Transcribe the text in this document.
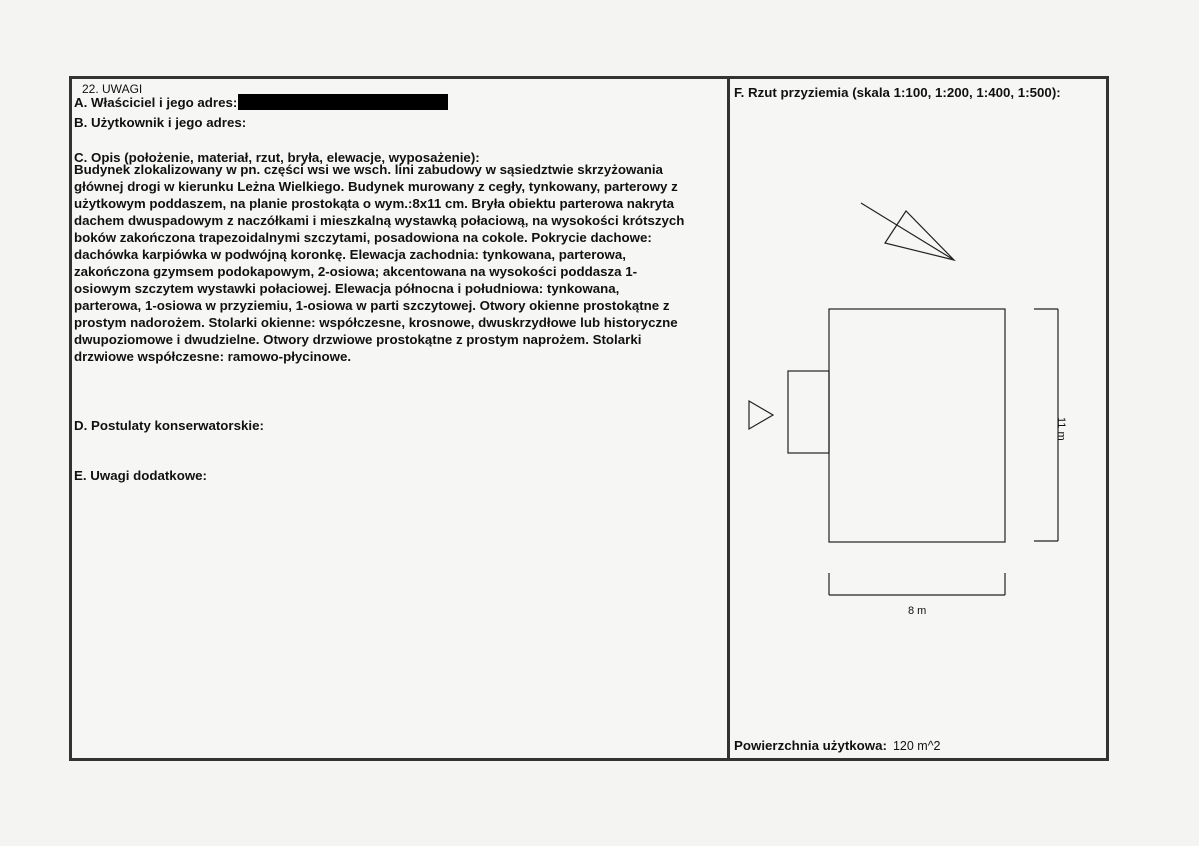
22. UWAGI
A. Właściciel i jego adres:
B. Użytkownik i jego adres:
C. Opis (położenie, materiał, rzut, bryła, elewacje, wyposażenie):
Budynek zlokalizowany w pn. części wsi we wsch. lini zabudowy w sąsiedztwie skrzyżowania
głównej drogi w kierunku Leżna Wielkiego. Budynek murowany z cegły, tynkowany, parterowy z
użytkowym poddaszem, na planie prostokąta o wym.:8x11 cm. Bryła obiektu parterowa nakryta
dachem dwuspadowym z naczółkami i mieszkalną wystawką połaciową, na wysokości krótszych
boków zakończona trapezoidalnymi szczytami, posadowiona na cokole. Pokrycie dachowe:
dachówka karpiówka w podwójną koronkę. Elewacja zachodnia: tynkowana, parterowa,
zakończona gzymsem podokapowym, 2-osiowa; akcentowana na wysokości poddasza 1-
osiowym szczytem wystawki połaciowej. Elewacja północna i południowa: tynkowana,
parterowa, 1-osiowa w przyziemiu, 1-osiowa w parti szczytowej. Otwory okienne prostokątne z
prostym nadorożem. Stolarki okienne: współczesne, krosnowe, dwuskrzydłowe lub historyczne
dwupoziomowe i dwudzielne. Otwory drzwiowe prostokątne z prostym naprożem. Stolarki
drzwiowe współczesne: ramowo-płycinowe.
D. Postulaty konserwatorskie:
E. Uwagi dodatkowe:
F. Rzut przyziemia (skala 1:100, 1:200, 1:400, 1:500):
11 m
8 m
Powierzchnia użytkowa: 120 m^2
